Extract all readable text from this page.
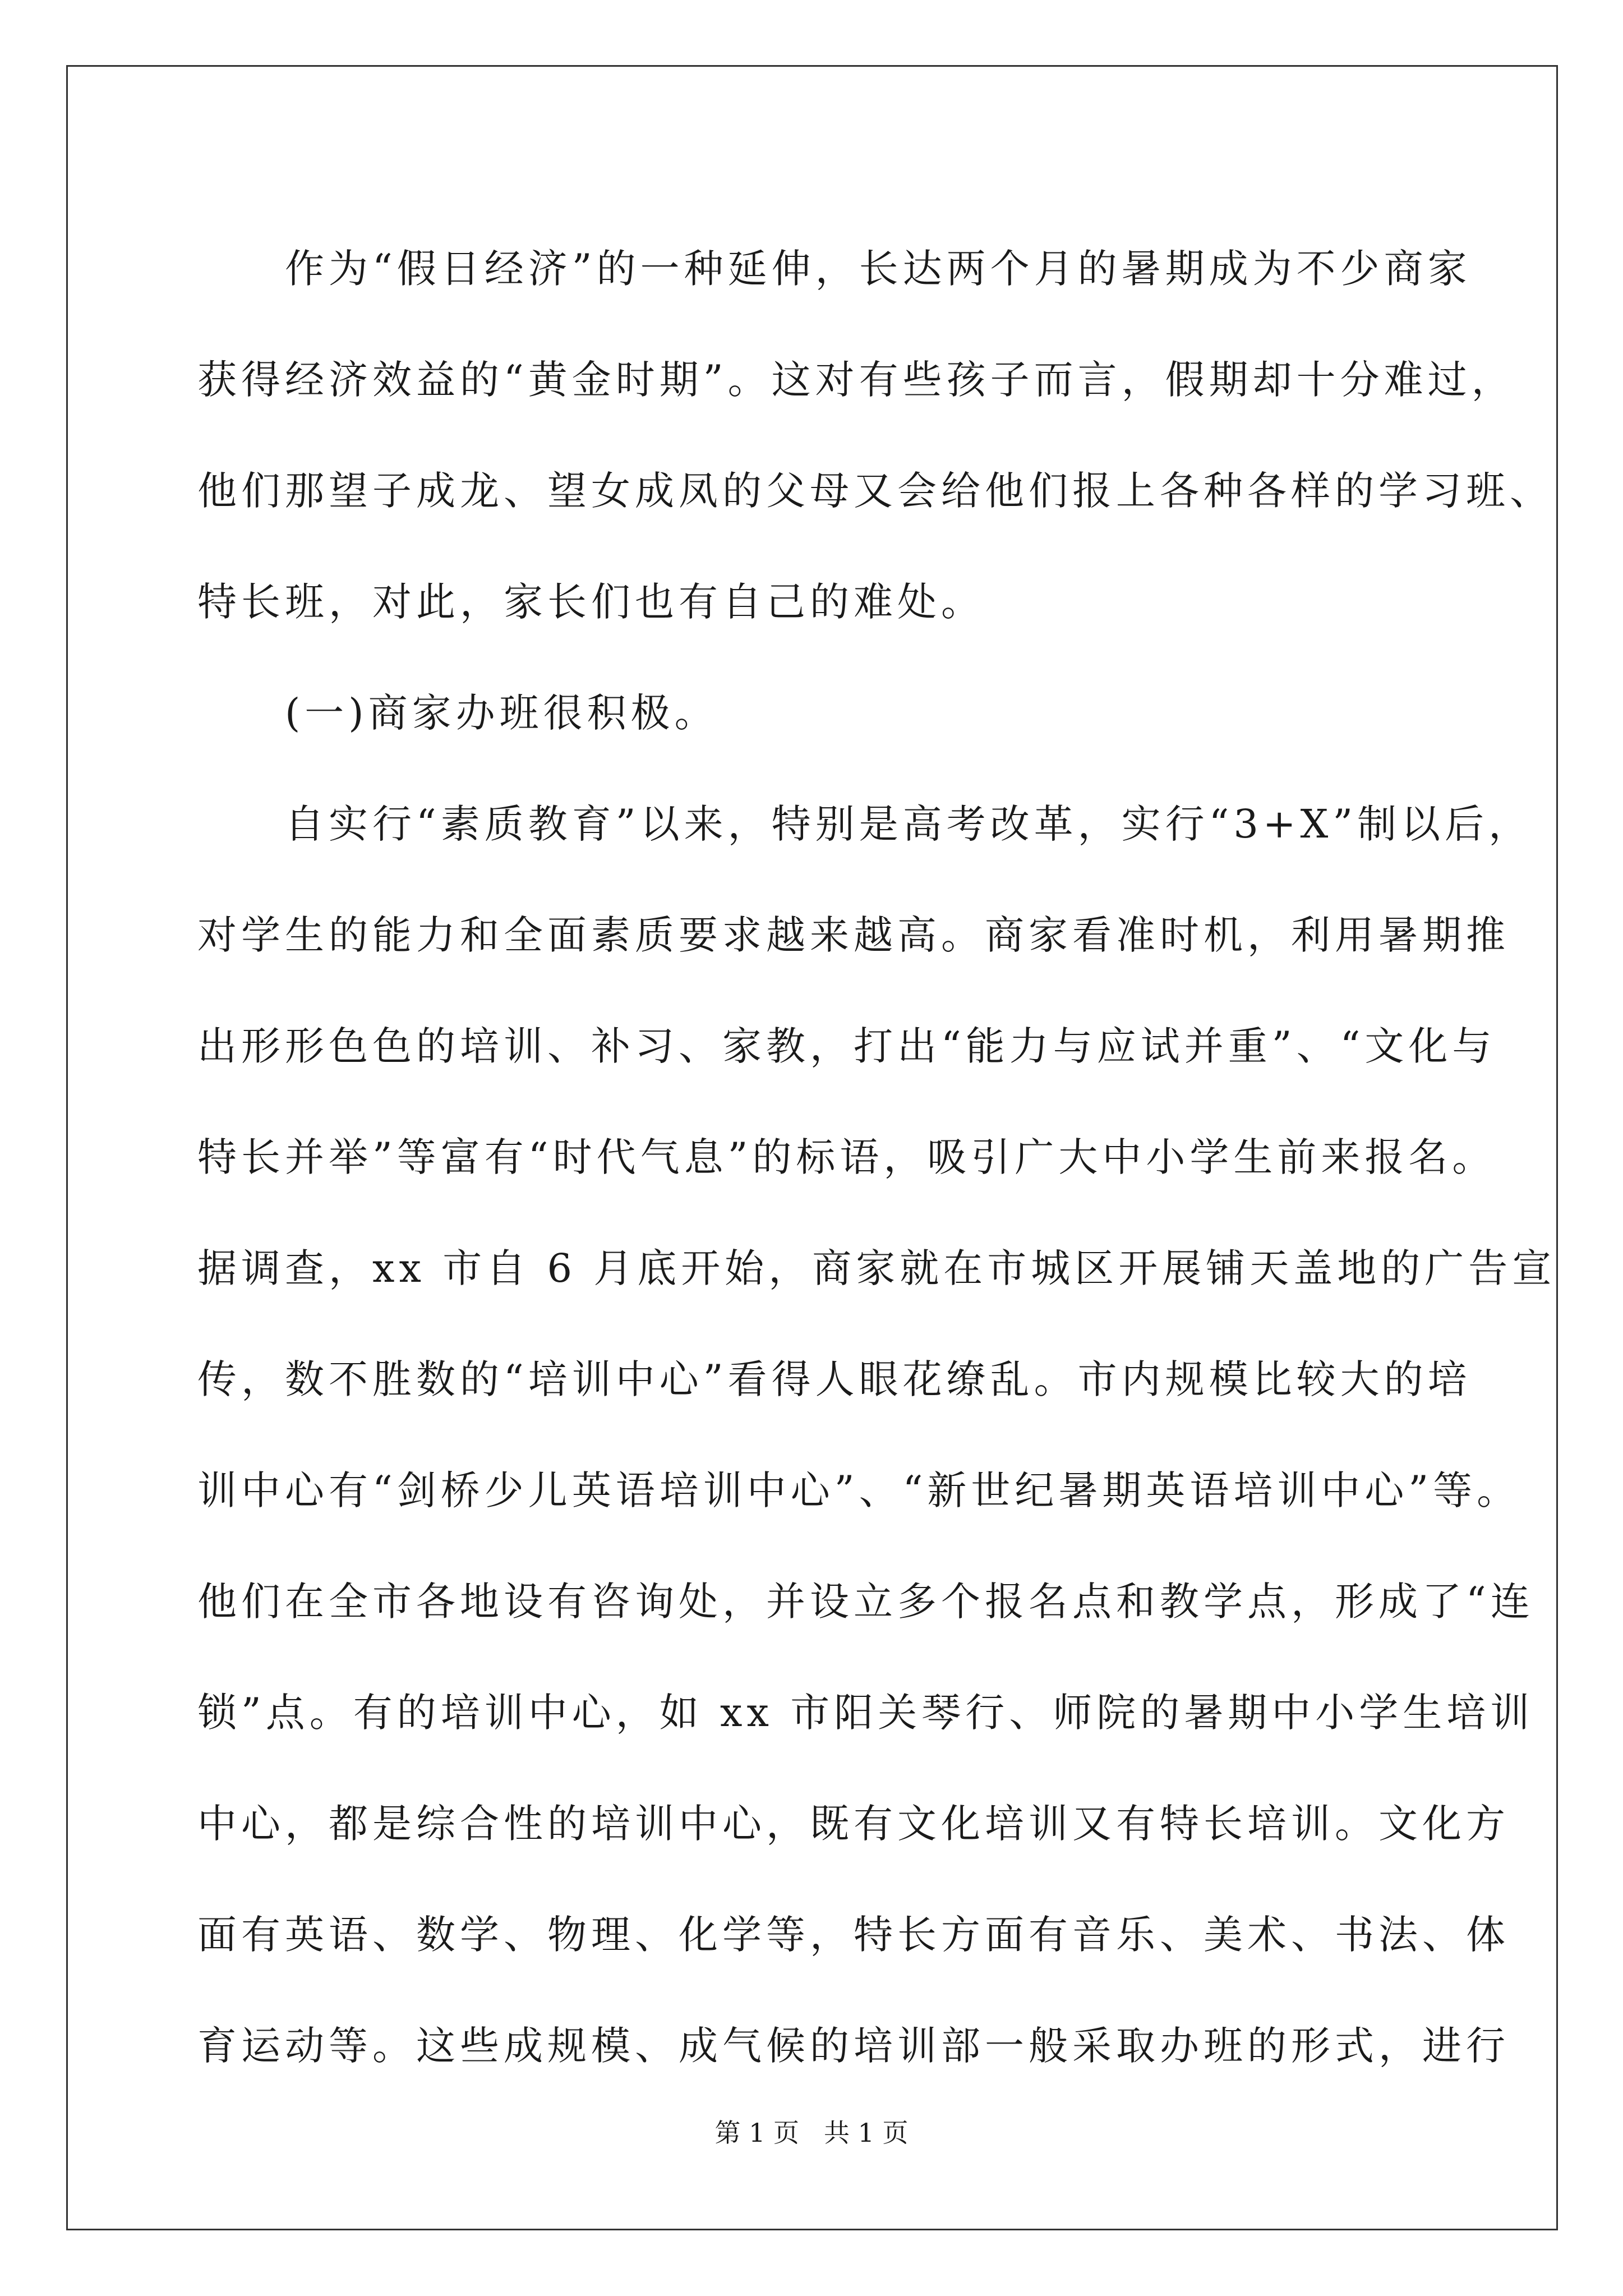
　　作为“假日经济”的一种延伸，长达两个月的暑期成为不少商家
获得经济效益的“黄金时期”。这对有些孩子而言，假期却十分难过，
他们那望子成龙、望女成凤的父母又会给他们报上各种各样的学习班、
特长班，对此，家长们也有自己的难处。
　　(一)商家办班很积极。
　　自实行“素质教育”以来，特别是高考改革，实行“3+X”制以后，
对学生的能力和全面素质要求越来越高。商家看准时机，利用暑期推
出形形色色的培训、补习、家教，打出“能力与应试并重”、“文化与
特长并举”等富有“时代气息”的标语，吸引广大中小学生前来报名。
据调查，xx 市自 6 月底开始，商家就在市城区开展铺天盖地的广告宣
传，数不胜数的“培训中心”看得人眼花缭乱。市内规模比较大的培
训中心有“剑桥少儿英语培训中心”、“新世纪暑期英语培训中心”等。
他们在全市各地设有咨询处，并设立多个报名点和教学点，形成了“连
锁”点。有的培训中心，如 xx 市阳关琴行、师院的暑期中小学生培训
中心，都是综合性的培训中心，既有文化培训又有特长培训。文化方
面有英语、数学、物理、化学等，特长方面有音乐、美术、书法、体
育运动等。这些成规模、成气候的培训部一般采取办班的形式，进行
第 1 页 共 1 页
